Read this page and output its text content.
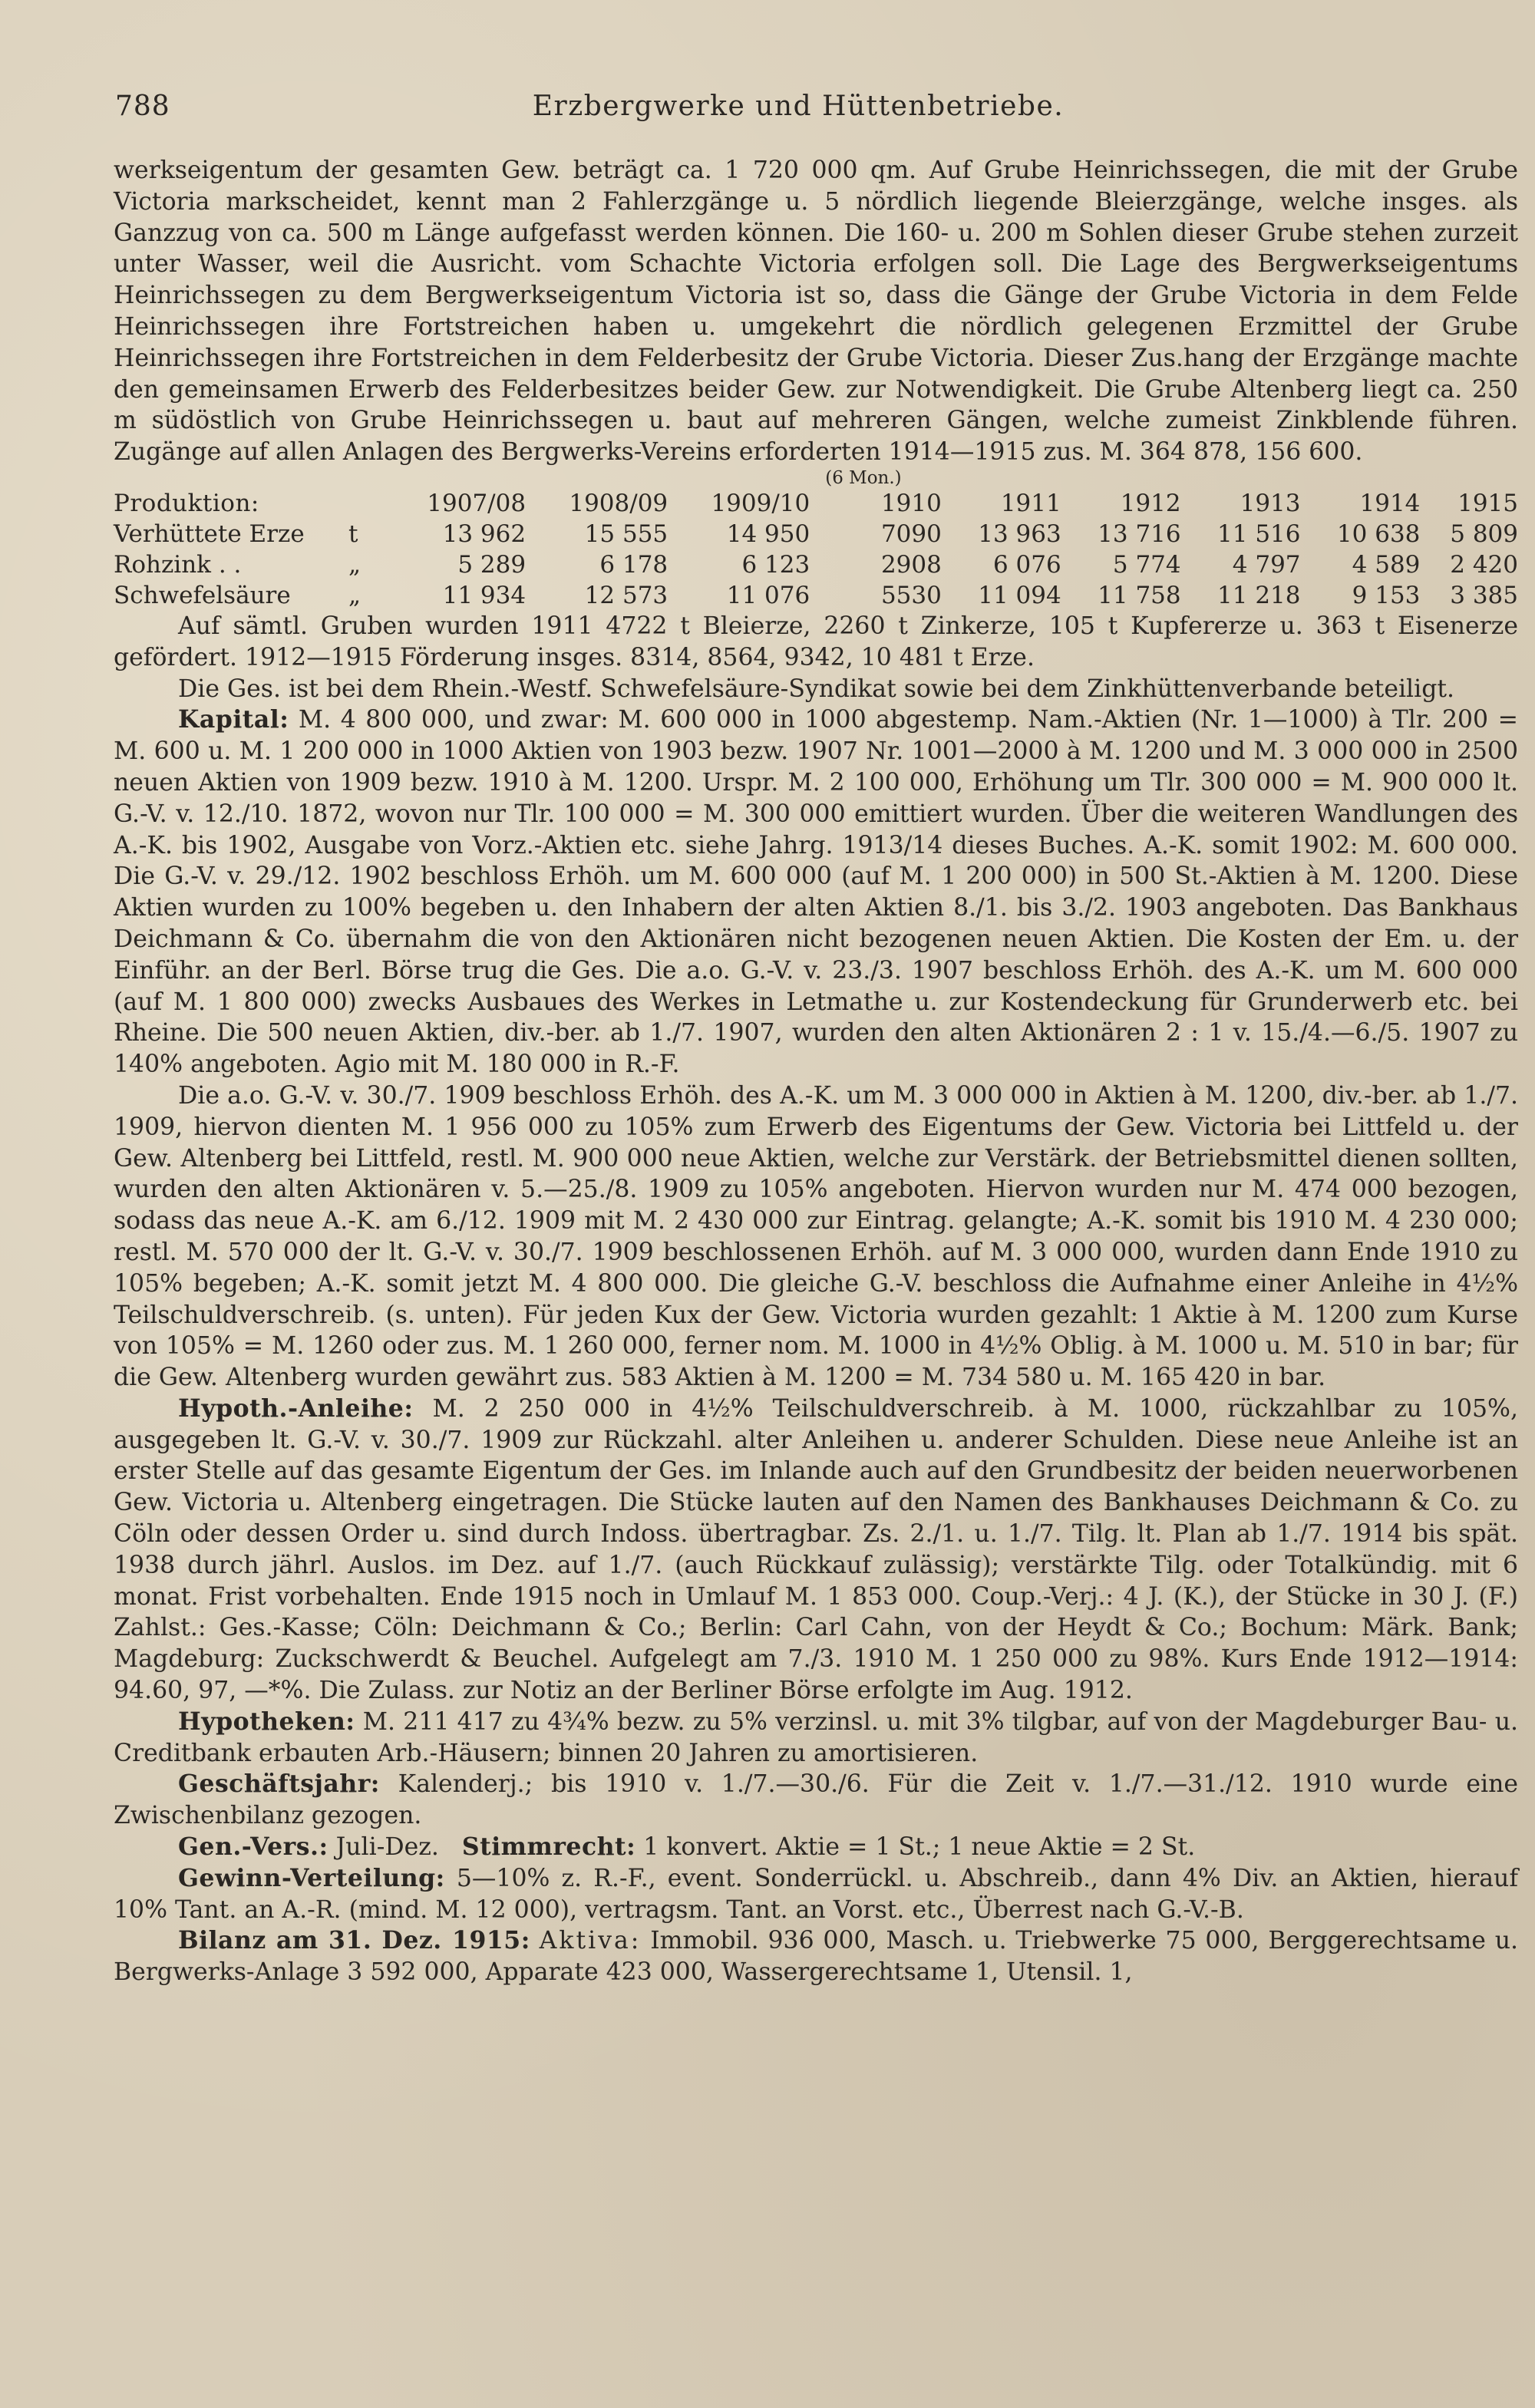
788	Erzbergwerke und Hüttenbetriebe.

werkseigentum der gesamten Gew. beträgt ca. 1 720 000 qm. Auf Grube Heinrichssegen, die mit der Grube Victoria markscheidet, kennt man 2 Fahlerzgänge u. 5 nördlich liegende Bleierzgänge, welche insges. als Ganzzug von ca. 500 m Länge aufgefasst werden können. Die 160- u. 200 m Sohlen dieser Grube stehen zurzeit unter Wasser, weil die Ausricht. vom Schachte Victoria erfolgen soll. Die Lage des Bergwerkseigentums Heinrichssegen zu dem Bergwerkseigentum Victoria ist so, dass die Gänge der Grube Victoria in dem Felde Heinrichssegen ihre Fortstreichen haben u. umgekehrt die nördlich gelegenen Erzmittel der Grube Heinrichssegen ihre Fortstreichen in dem Felderbesitz der Grube Victoria. Dieser Zus.hang der Erzgänge machte den gemeinsamen Erwerb des Felderbesitzes beider Gew. zur Notwendigkeit. Die Grube Altenberg liegt ca. 250 m südöstlich von Grube Heinrichssegen u. baut auf mehreren Gängen, welche zumeist Zinkblende führen. Zugänge auf allen Anlagen des Bergwerks-Vereins erforderten 1914—1915 zus. M. 364 878, 156 600.

					(6 Mon.)					
Produktion:		1907/08	1908/09	1909/10	1910	1911	1912	1913	1914	1915
Verhüttete Erze	t	13 962	15 555	14 950	7090	13 963	13 716	11 516	10 638	5 809
Rohzink . .	„	5 289	6 178	6 123	2908	6 076	5 774	4 797	4 589	2 420
Schwefelsäure	„	11 934	12 573	11 076	5530	11 094	11 758	11 218	9 153	3 385

Auf sämtl. Gruben wurden 1911 4722 t Bleierze, 2260 t Zinkerze, 105 t Kupfererze u. 363 t Eisenerze gefördert. 1912—1915 Förderung insges. 8314, 8564, 9342, 10 481 t Erze.

Die Ges. ist bei dem Rhein.-Westf. Schwefelsäure-Syndikat sowie bei dem Zinkhüttenverbande beteiligt.

Kapital: M. 4 800 000, und zwar: M. 600 000 in 1000 abgestemp. Nam.-Aktien (Nr. 1—1000) à Tlr. 200 = M. 600 u. M. 1 200 000 in 1000 Aktien von 1903 bezw. 1907 Nr. 1001—2000 à M. 1200 und M. 3 000 000 in 2500 neuen Aktien von 1909 bezw. 1910 à M. 1200. Urspr. M. 2 100 000, Erhöhung um Tlr. 300 000 = M. 900 000 lt. G.-V. v. 12./10. 1872, wovon nur Tlr. 100 000 = M. 300 000 emittiert wurden. Über die weiteren Wandlungen des A.-K. bis 1902, Ausgabe von Vorz.-Aktien etc. siehe Jahrg. 1913/14 dieses Buches. A.-K. somit 1902: M. 600 000. Die G.-V. v. 29./12. 1902 beschloss Erhöh. um M. 600 000 (auf M. 1 200 000) in 500 St.-Aktien à M. 1200. Diese Aktien wurden zu 100% begeben u. den Inhabern der alten Aktien 8./1. bis 3./2. 1903 angeboten. Das Bankhaus Deichmann & Co. übernahm die von den Aktionären nicht bezogenen neuen Aktien. Die Kosten der Em. u. der Einführ. an der Berl. Börse trug die Ges. Die a.o. G.-V. v. 23./3. 1907 beschloss Erhöh. des A.-K. um M. 600 000 (auf M. 1 800 000) zwecks Ausbaues des Werkes in Letmathe u. zur Kostendeckung für Grunderwerb etc. bei Rheine. Die 500 neuen Aktien, div.-ber. ab 1./7. 1907, wurden den alten Aktionären 2 : 1 v. 15./4.—6./5. 1907 zu 140% angeboten. Agio mit M. 180 000 in R.-F.

Die a.o. G.-V. v. 30./7. 1909 beschloss Erhöh. des A.-K. um M. 3 000 000 in Aktien à M. 1200, div.-ber. ab 1./7. 1909, hiervon dienten M. 1 956 000 zu 105% zum Erwerb des Eigentums der Gew. Victoria bei Littfeld u. der Gew. Altenberg bei Littfeld, restl. M. 900 000 neue Aktien, welche zur Verstärk. der Betriebsmittel dienen sollten, wurden den alten Aktionären v. 5.—25./8. 1909 zu 105% angeboten. Hiervon wurden nur M. 474 000 bezogen, sodass das neue A.-K. am 6./12. 1909 mit M. 2 430 000 zur Eintrag. gelangte; A.-K. somit bis 1910 M. 4 230 000; restl. M. 570 000 der lt. G.-V. v. 30./7. 1909 beschlossenen Erhöh. auf M. 3 000 000, wurden dann Ende 1910 zu 105% begeben; A.-K. somit jetzt M. 4 800 000. Die gleiche G.-V. beschloss die Aufnahme einer Anleihe in 4½% Teilschuldverschreib. (s. unten). Für jeden Kux der Gew. Victoria wurden gezahlt: 1 Aktie à M. 1200 zum Kurse von 105% = M. 1260 oder zus. M. 1 260 000, ferner nom. M. 1000 in 4½% Oblig. à M. 1000 u. M. 510 in bar; für die Gew. Altenberg wurden gewährt zus. 583 Aktien à M. 1200 = M. 734 580 u. M. 165 420 in bar.

Hypoth.-Anleihe: M. 2 250 000 in 4½% Teilschuldverschreib. à M. 1000, rückzahlbar zu 105%, ausgegeben lt. G.-V. v. 30./7. 1909 zur Rückzahl. alter Anleihen u. anderer Schulden. Diese neue Anleihe ist an erster Stelle auf das gesamte Eigentum der Ges. im Inlande auch auf den Grundbesitz der beiden neuerworbenen Gew. Victoria u. Altenberg eingetragen. Die Stücke lauten auf den Namen des Bankhauses Deichmann & Co. zu Cöln oder dessen Order u. sind durch Indoss. übertragbar. Zs. 2./1. u. 1./7. Tilg. lt. Plan ab 1./7. 1914 bis spät. 1938 durch jährl. Auslos. im Dez. auf 1./7. (auch Rückkauf zulässig); verstärkte Tilg. oder Totalkündig. mit 6 monat. Frist vorbehalten. Ende 1915 noch in Umlauf M. 1 853 000. Coup.-Verj.: 4 J. (K.), der Stücke in 30 J. (F.) Zahlst.: Ges.-Kasse; Cöln: Deichmann & Co.; Berlin: Carl Cahn, von der Heydt & Co.; Bochum: Märk. Bank; Magdeburg: Zuckschwerdt & Beuchel. Aufgelegt am 7./3. 1910 M. 1 250 000 zu 98%. Kurs Ende 1912—1914: 94.60, 97, —*%. Die Zulass. zur Notiz an der Berliner Börse erfolgte im Aug. 1912.

Hypotheken: M. 211 417 zu 4¾% bezw. zu 5% verzinsl. u. mit 3% tilgbar, auf von der Magdeburger Bau- u. Creditbank erbauten Arb.-Häusern; binnen 20 Jahren zu amortisieren.

Geschäftsjahr: Kalenderj.; bis 1910 v. 1./7.—30./6. Für die Zeit v. 1./7.—31./12. 1910 wurde eine Zwischenbilanz gezogen.

Gen.-Vers.: Juli-Dez. Stimmrecht: 1 konvert. Aktie = 1 St.; 1 neue Aktie = 2 St.

Gewinn-Verteilung: 5—10% z. R.-F., event. Sonderrückl. u. Abschreib., dann 4% Div. an Aktien, hierauf 10% Tant. an A.-R. (mind. M. 12 000), vertragsm. Tant. an Vorst. etc., Überrest nach G.-V.-B.

Bilanz am 31. Dez. 1915: Aktiva: Immobil. 936 000, Masch. u. Triebwerke 75 000, Berggerechtsame u. Bergwerks-Anlage 3 592 000, Apparate 423 000, Wassergerechtsame 1, Utensil. 1,
